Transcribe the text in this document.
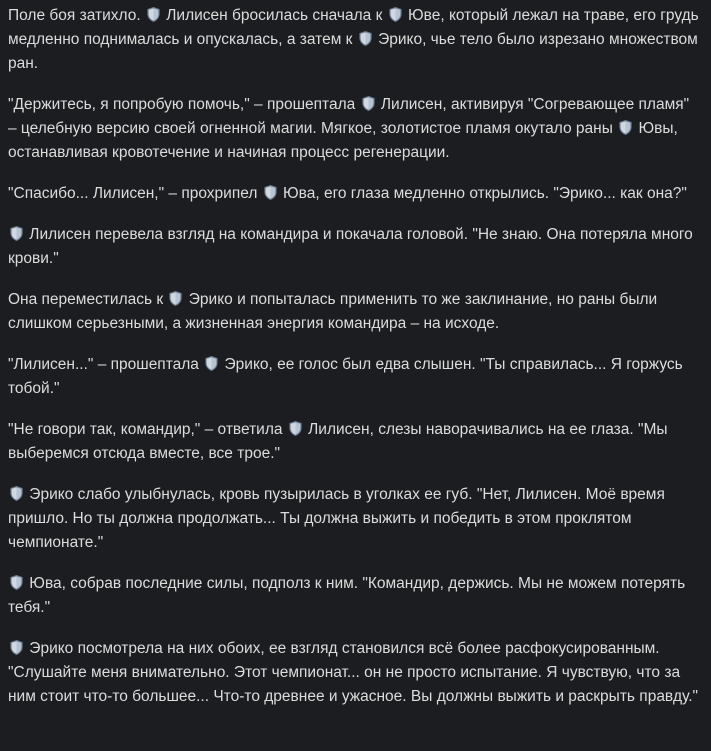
Поле боя затихло.  Лилисен бросилась сначала к  Юве, который лежал на траве, его грудь медленно поднималась и опускалась, а затем к  Эрико, чье тело было изрезано множеством ран.

"Держитесь, я попробую помочь," – прошептала  Лилисен, активируя "Согревающее пламя" – целебную версию своей огненной магии. Мягкое, золотистое пламя окутало раны  Ювы, останавливая кровотечение и начиная процесс регенерации.

"Спасибо... Лилисен," – прохрипел  Юва, его глаза медленно открылись. "Эрико... как она?"

Лилисен перевела взгляд на командира и покачала головой. "Не знаю. Она потеряла много крови."

Она переместилась к  Эрико и попыталась применить то же заклинание, но раны были слишком серьезными, а жизненная энергия командира – на исходе.

"Лилисен..." – прошептала  Эрико, ее голос был едва слышен. "Ты справилась... Я горжусь тобой."

"Не говори так, командир," – ответила  Лилисен, слезы наворачивались на ее глаза. "Мы выберемся отсюда вместе, все трое."

Эрико слабо улыбнулась, кровь пузырилась в уголках ее губ. "Нет, Лилисен. Моё время пришло. Но ты должна продолжать... Ты должна выжить и победить в этом проклятом чемпионате."

Юва, собрав последние силы, подполз к ним. "Командир, держись. Мы не можем потерять тебя."

Эрико посмотрела на них обоих, ее взгляд становился всё более расфокусированным. "Слушайте меня внимательно. Этот чемпионат... он не просто испытание. Я чувствую, что за ним стоит что-то большее... Что-то древнее и ужасное. Вы должны выжить и раскрыть правду."
